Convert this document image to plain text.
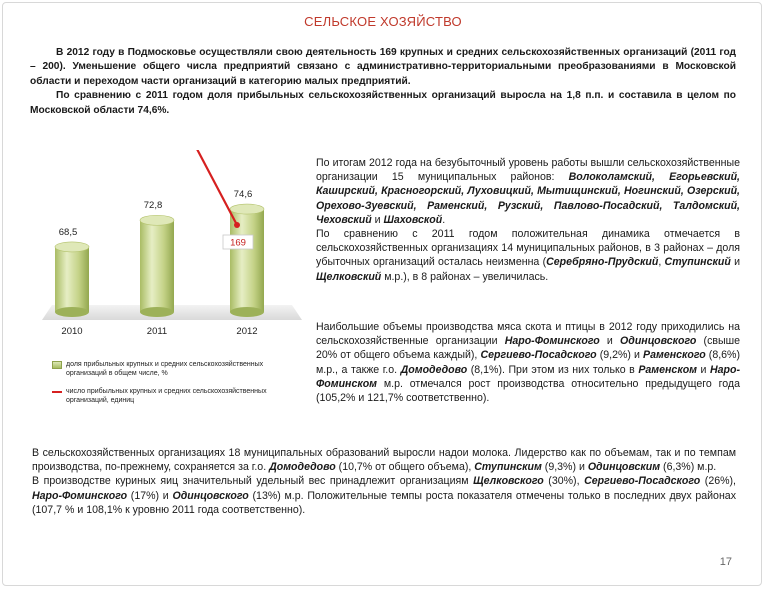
СЕЛЬСКОЕ ХОЗЯЙСТВО

В 2012 году в Подмосковье осуществляли свою деятельность 169 крупных и средних сельскохозяйственных организаций (2011 год – 200). Уменьшение общего числа предприятий связано с административно-территориальными преобразованиями в Московской области и переходом части организаций в категорию малых предприятий.

По сравнению с 2011 годом доля прибыльных сельскохозяйственных организаций выросла на 1,8 п.п. и составила в целом по Московской области 74,6%.

68,5
2010
72,8
2011
74,6
2012
169
доля прибыльных крупных и средних сельскохозяйственных организаций в общем числе, %
число прибыльных крупных и средних сельскохозяйственных организаций, единиц
По итогам 2012 года на безубыточный уровень работы вышли сельскохозяйственные организации 15 муниципальных районов: Волоколамский, Егорьевский, Каширский, Красногорский, Луховицкий, Мытищинский, Ногинский, Озерский, Орехово-Зуевский, Раменский, Рузский, Павлово-Посадский, Талдомский, Чеховский и Шаховской.
По сравнению с 2011 годом положительная динамика отмечается в сельскохозяйственных организациях 14 муниципальных районов, в 3 районах – доля убыточных организаций осталась неизменна (Серебряно-Прудский, Ступинский и Щелковский м.р.), в 8 районах – увеличилась.
Наибольшие объемы производства мяса скота и птицы в 2012 году приходились на сельскохозяйственные организации Наро-Фоминского и Одинцовского (свыше 20% от общего объема каждый), Сергиево-Посадского (9,2%) и Раменского (8,6%) м.р., а также г.о. Домодедово (8,1%). При этом из них только в Раменском и Наро-Фоминском м.р. отмечался рост производства относительно предыдущего года (105,2% и 121,7% соответственно).

В сельскохозяйственных организациях 18 муниципальных образований выросли надои молока. Лидерство как по объемам, так и по темпам производства, по-прежнему, сохраняется за г.о. Домодедово (10,7% от общего объема), Ступинским (9,3%) и Одинцовским (6,3%) м.р.

В производстве куриных яиц значительный удельный вес принадлежит организациям Щелковского (30%), Сергиево-Посадского (26%), Наро-Фоминского (17%) и Одинцовского (13%) м.р. Положительные темпы роста показателя отмечены только в последних двух районах (107,7 % и 108,1% к уровню 2011 года соответственно).

17
